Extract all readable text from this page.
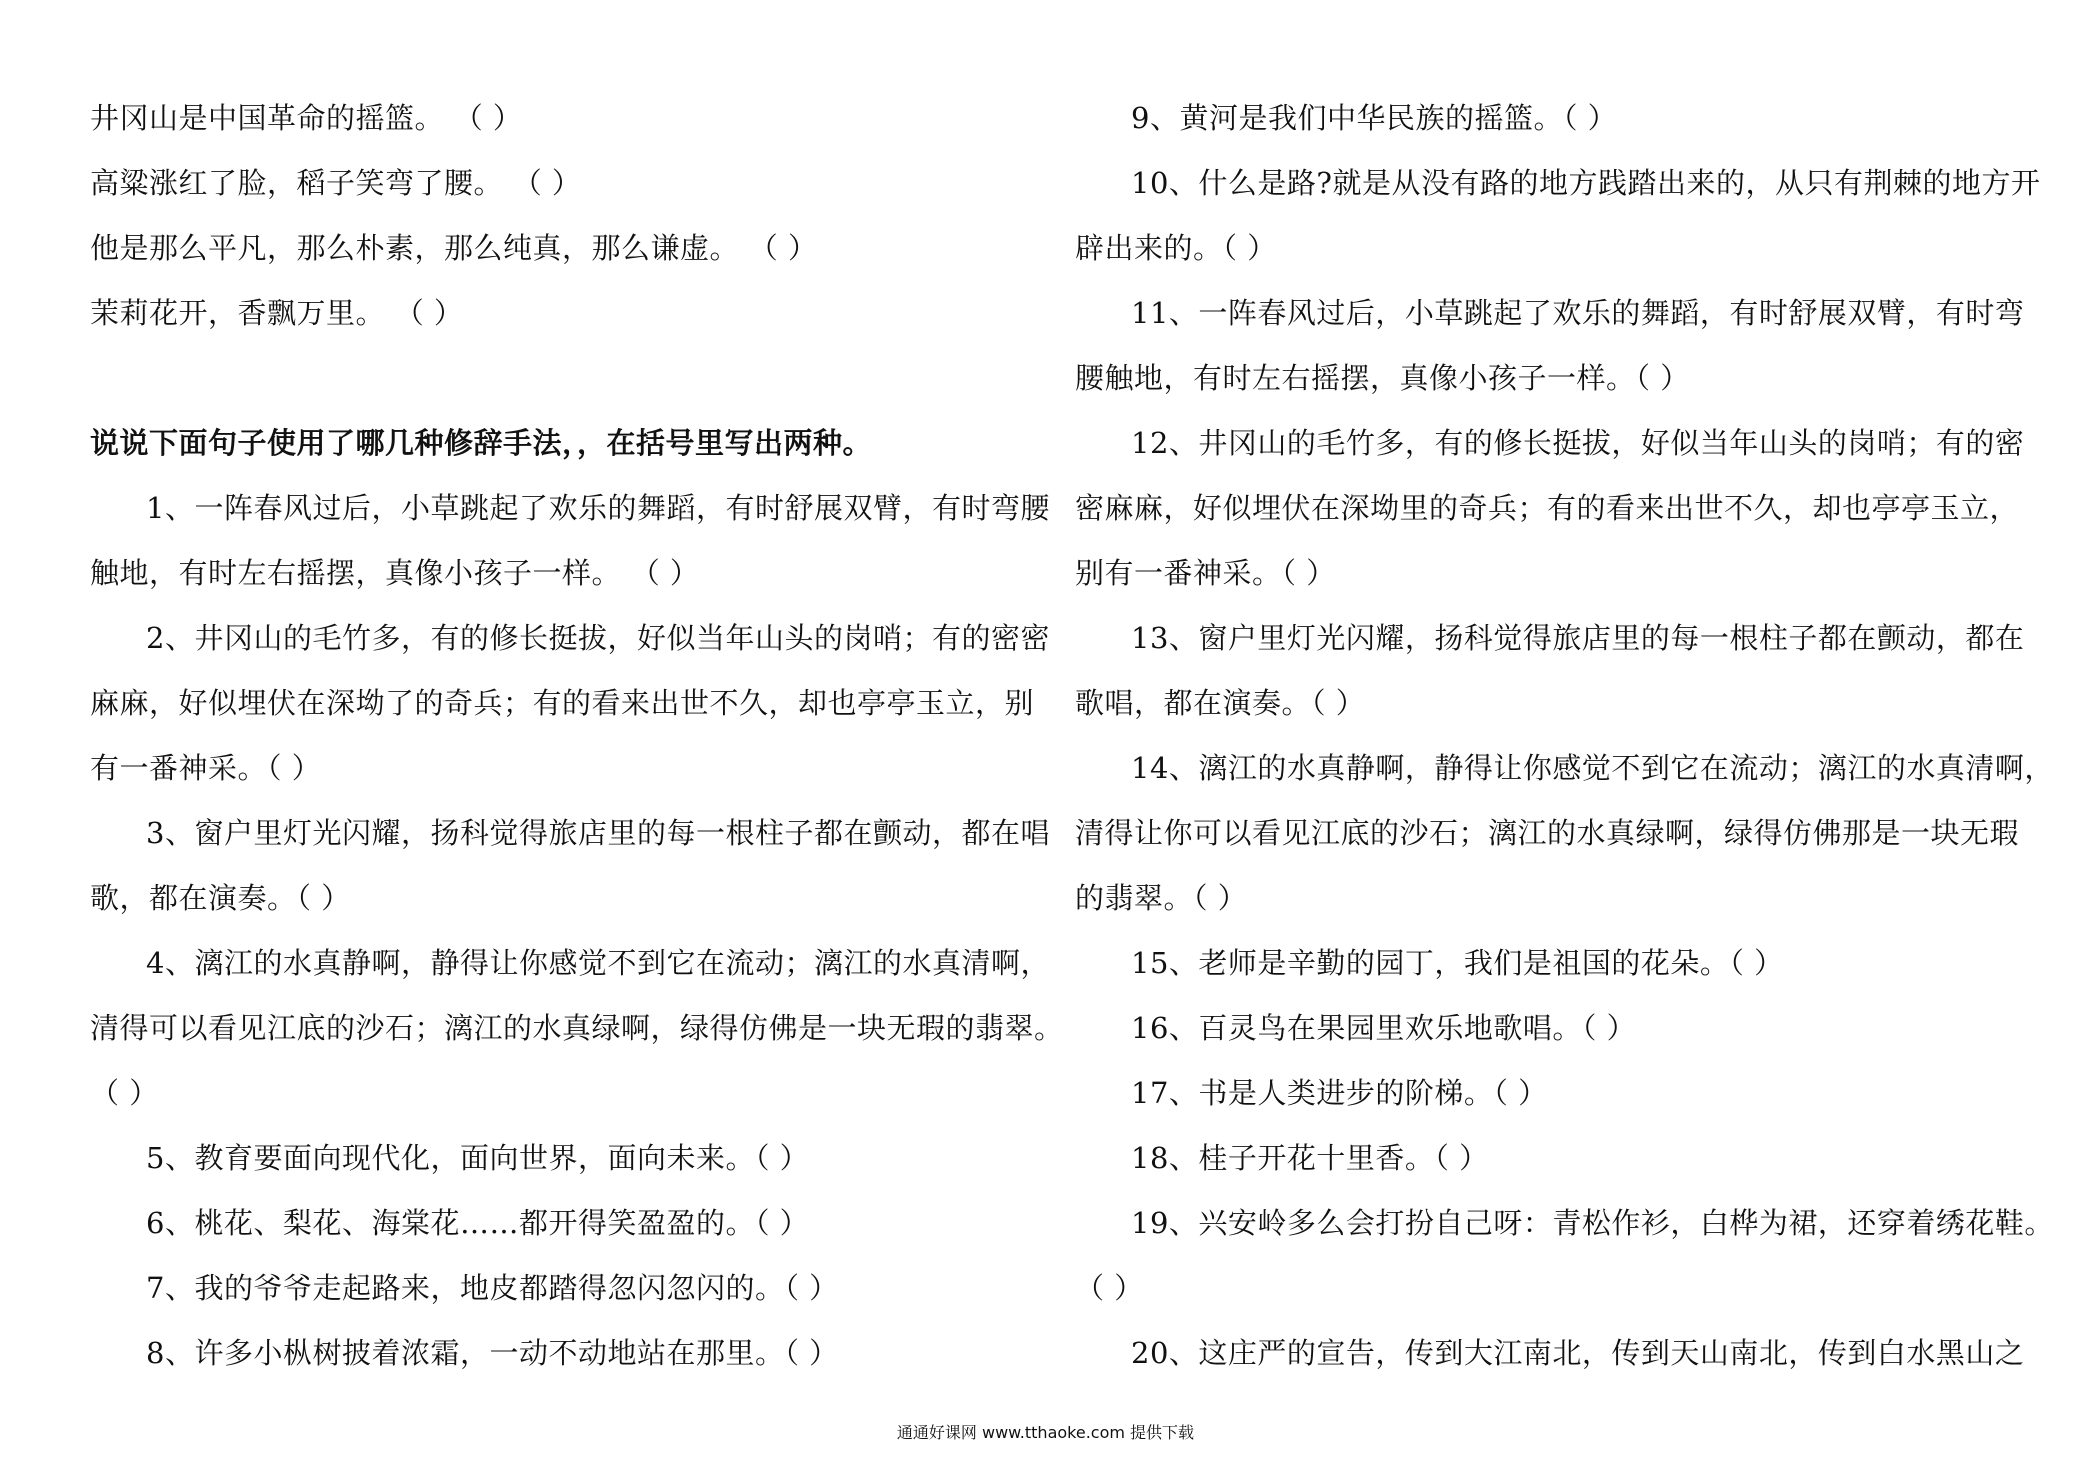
井冈山是中国革命的摇篮。 （ ）
高粱涨红了脸，稻子笑弯了腰。 （ ）
他是那么平凡，那么朴素，那么纯真，那么谦虚。 （ ）
茉莉花开，香飘万里。 （ ）
说说下面句子使用了哪几种修辞手法，，在括号里写出两种。
1、一阵春风过后，小草跳起了欢乐的舞蹈，有时舒展双臂，有时弯腰
触地，有时左右摇摆，真像小孩子一样。 （ ）
2、井冈山的毛竹多，有的修长挺拔，好似当年山头的岗哨；有的密密
麻麻，好似埋伏在深坳了的奇兵；有的看来出世不久，却也亭亭玉立，别
有一番神采。（ ）
3、窗户里灯光闪耀，扬科觉得旅店里的每一根柱子都在颤动，都在唱
歌，都在演奏。（ ）
4、漓江的水真静啊，静得让你感觉不到它在流动；漓江的水真清啊，
清得可以看见江底的沙石；漓江的水真绿啊，绿得仿佛是一块无瑕的翡翠。
（ ）
5、教育要面向现代化，面向世界，面向未来。（ ）
6、桃花、梨花、海棠花……都开得笑盈盈的。（ ）
7、我的爷爷走起路来，地皮都踏得忽闪忽闪的。（ ）
8、许多小枞树披着浓霜，一动不动地站在那里。（ ）
9、黄河是我们中华民族的摇篮。（ ）
10、什么是路?就是从没有路的地方践踏出来的，从只有荆棘的地方开
辟出来的。（ ）
11、一阵春风过后，小草跳起了欢乐的舞蹈，有时舒展双臂，有时弯
腰触地，有时左右摇摆，真像小孩子一样。（ ）
12、井冈山的毛竹多，有的修长挺拔，好似当年山头的岗哨；有的密
密麻麻，好似埋伏在深坳里的奇兵；有的看来出世不久，却也亭亭玉立，
别有一番神采。（ ）
13、窗户里灯光闪耀，扬科觉得旅店里的每一根柱子都在颤动，都在
歌唱，都在演奏。（ ）
14、漓江的水真静啊，静得让你感觉不到它在流动；漓江的水真清啊，
清得让你可以看见江底的沙石；漓江的水真绿啊，绿得仿佛那是一块无瑕
的翡翠。（ ）
15、老师是辛勤的园丁，我们是祖国的花朵。（ ）
16、百灵鸟在果园里欢乐地歌唱。（ ）
17、书是人类进步的阶梯。（ ）
18、桂子开花十里香。（ ）
19、兴安岭多么会打扮自己呀：青松作衫，白桦为裙，还穿着绣花鞋。
（ ）
20、这庄严的宣告，传到大江南北，传到天山南北，传到白水黑山之
通通好课网 www.tthaoke.com 提供下载
